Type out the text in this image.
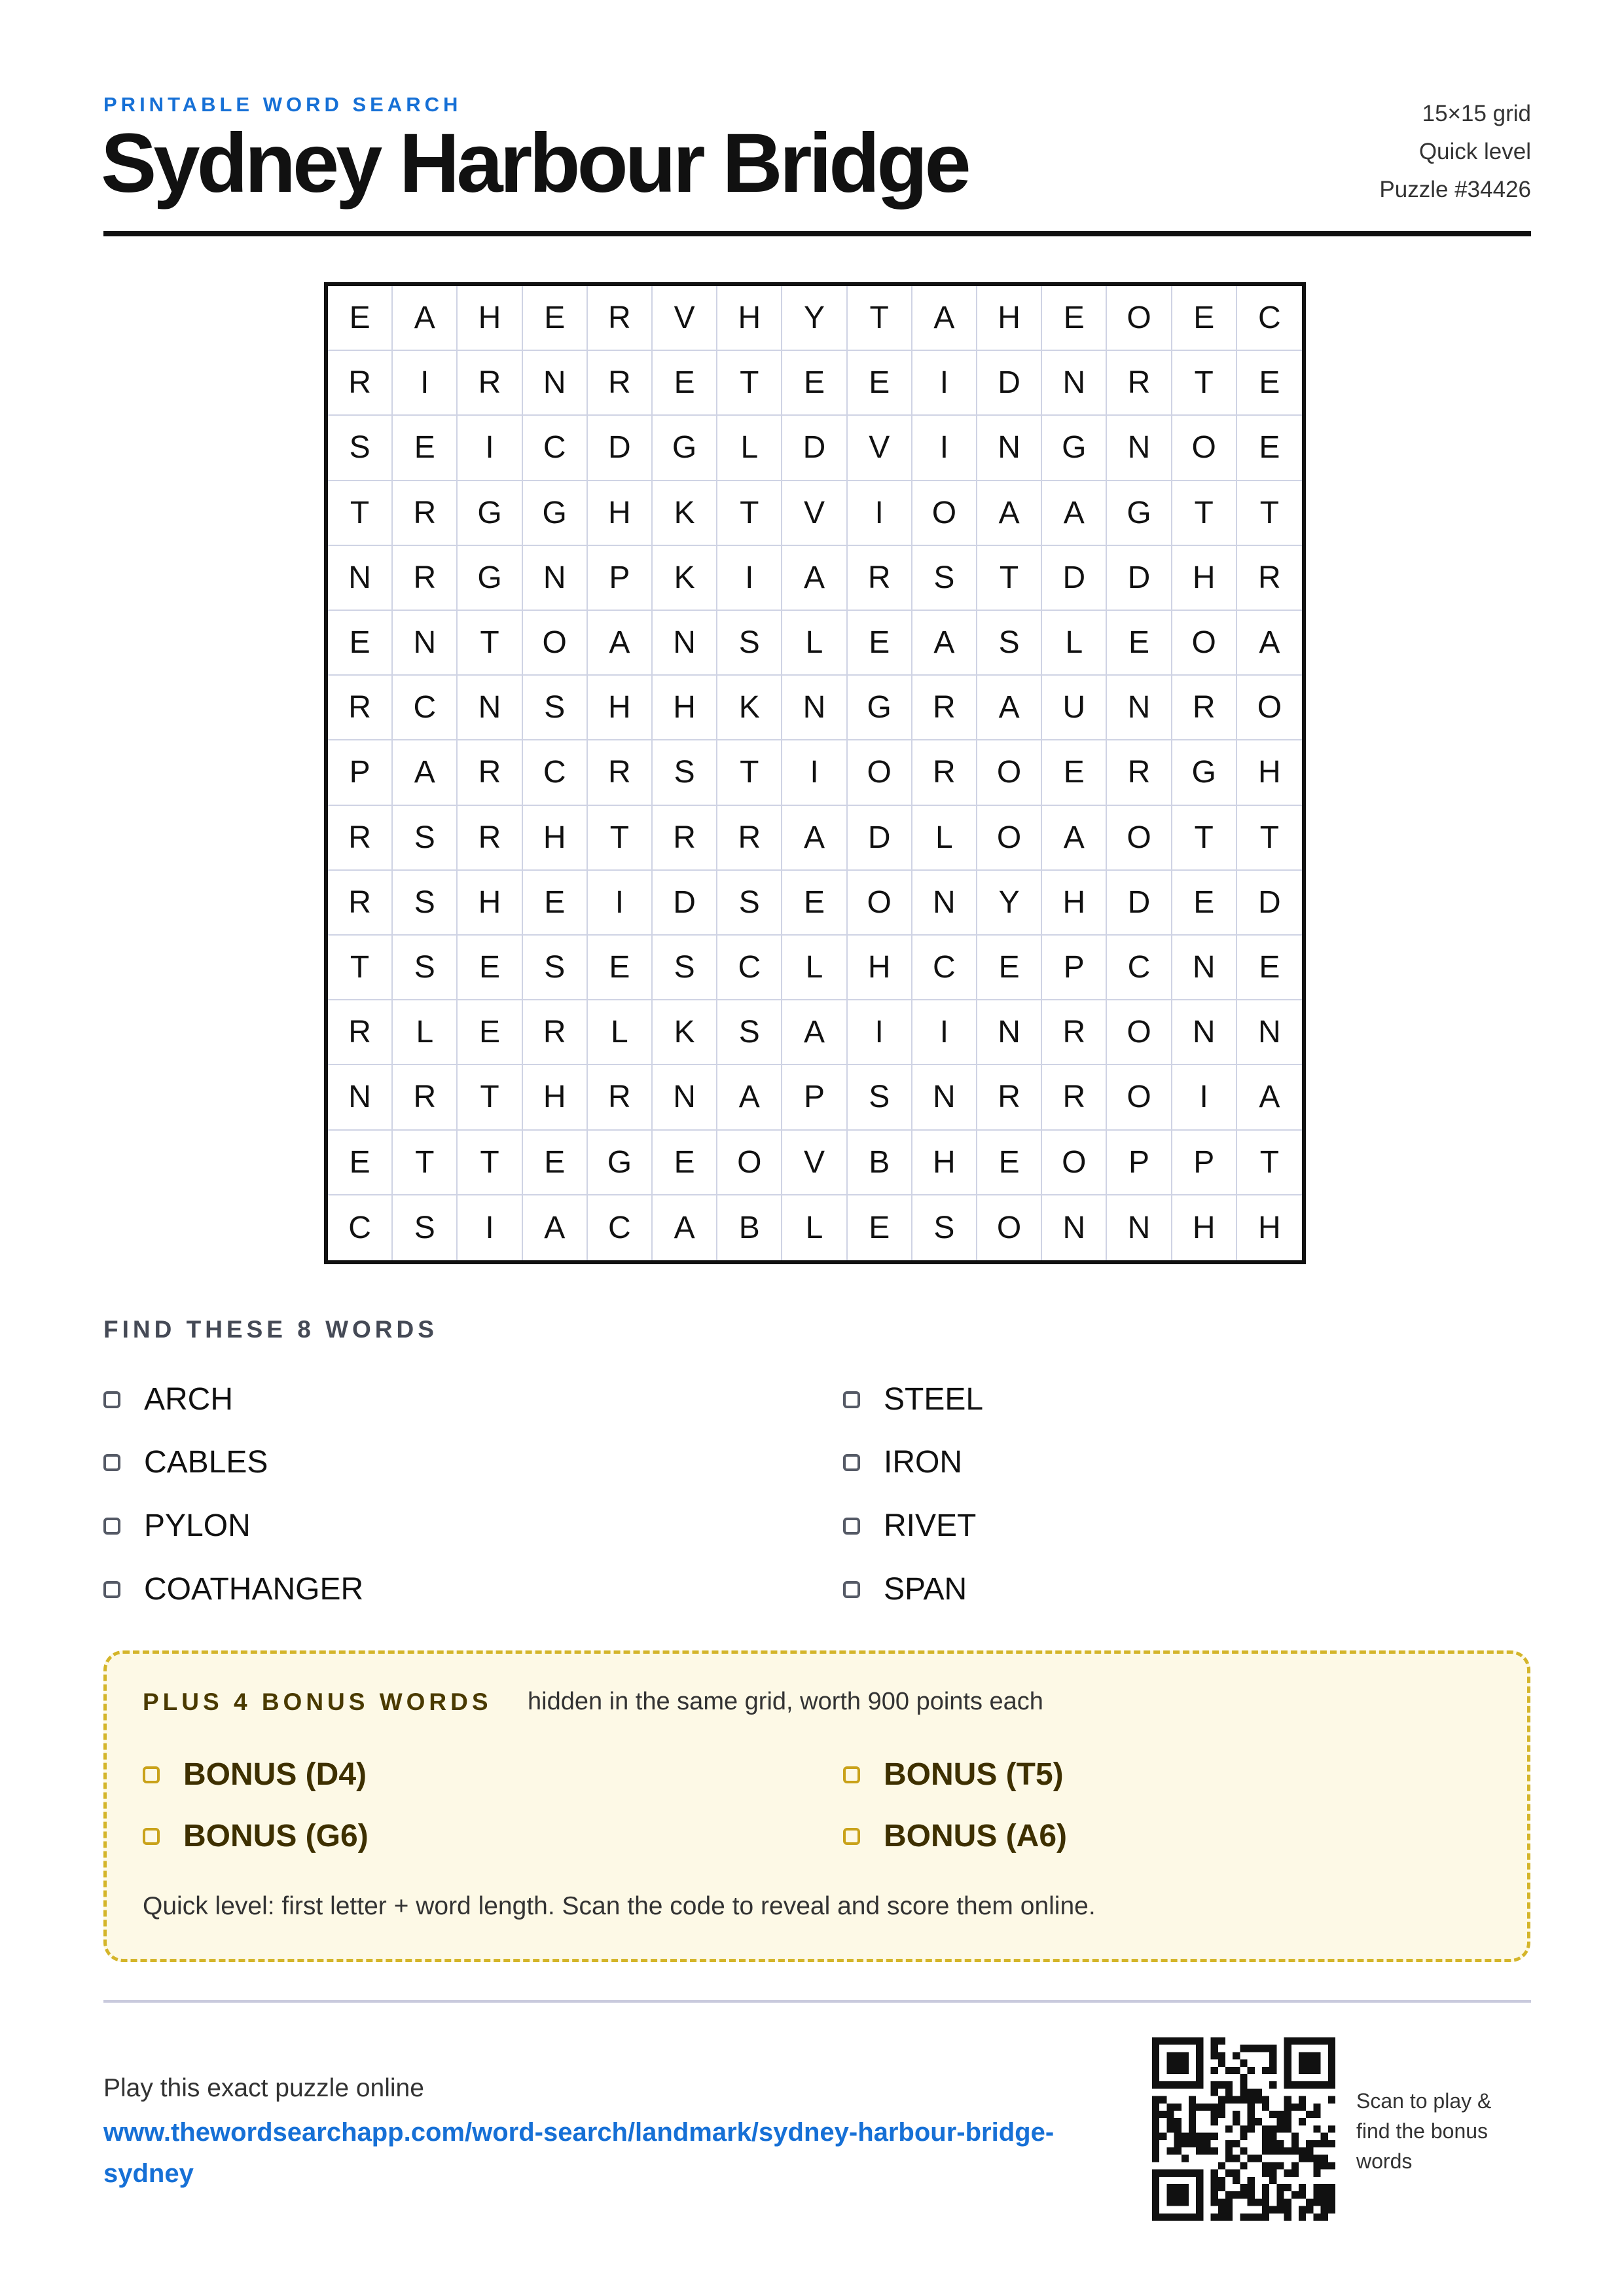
PRINTABLE WORD SEARCH
Sydney Harbour Bridge
15×15 grid
Quick level
Puzzle #34426
E	A	H	E	R	V	H	Y	T	A	H	E	O	E	C
R	I	R	N	R	E	T	E	E	I	D	N	R	T	E
S	E	I	C	D	G	L	D	V	I	N	G	N	O	E
T	R	G	G	H	K	T	V	I	O	A	A	G	T	T
N	R	G	N	P	K	I	A	R	S	T	D	D	H	R
E	N	T	O	A	N	S	L	E	A	S	L	E	O	A
R	C	N	S	H	H	K	N	G	R	A	U	N	R	O
P	A	R	C	R	S	T	I	O	R	O	E	R	G	H
R	S	R	H	T	R	R	A	D	L	O	A	O	T	T
R	S	H	E	I	D	S	E	O	N	Y	H	D	E	D
T	S	E	S	E	S	C	L	H	C	E	P	C	N	E
R	L	E	R	L	K	S	A	I	I	N	R	O	N	N
N	R	T	H	R	N	A	P	S	N	R	R	O	I	A
E	T	T	E	G	E	O	V	B	H	E	O	P	P	T
C	S	I	A	C	A	B	L	E	S	O	N	N	H	H
FIND THESE 8 WORDS
ARCH
CABLES
PYLON
COATHANGER
STEEL
IRON
RIVET
SPAN
PLUS 4 BONUS WORDS hidden in the same grid, worth 900 points each
BONUS (D4)
BONUS (G6)
BONUS (T5)
BONUS (A6)
Quick level: first letter + word length. Scan the code to reveal and score them online.
Play this exact puzzle online
www.thewordsearchapp.com/word-search/landmark/sydney-harbour-bridge-sydney
Scan to play & find the bonus words
